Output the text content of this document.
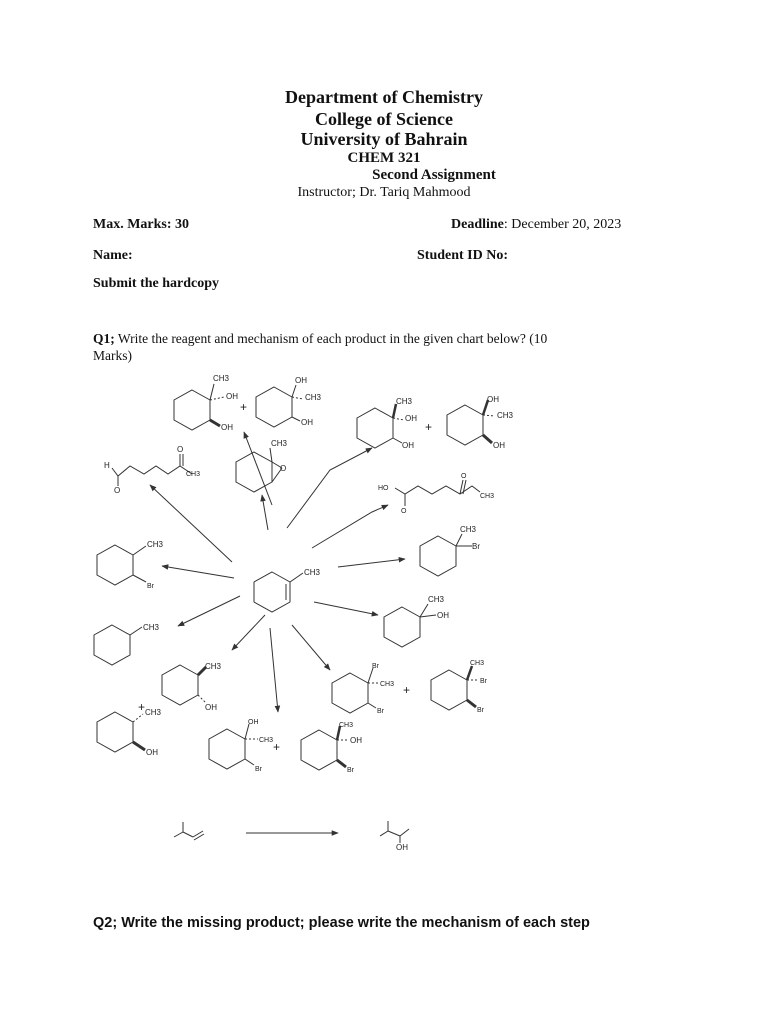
Department of Chemistry
College of Science
University of Bahrain
CHEM 321
Second Assignment
Instructor; Dr. Tariq Mahmood
Max. Marks: 30	Deadline: December 20, 2023
Name:	Student ID No:
Submit the hardcopy
Q1; Write the reagent and mechanism of each product in the given chart below? (10
Marks)
CH3
CH3
OH
OH
+
OH
CH3
OH
CH3
O
H
O
O
CH3
CH3
OH
OH
+
OH
CH3
OH
HO
O
O
CH3
CH3
Br
CH3
OH
CH3
Br
CH3
CH3
OH
+ CH3
OH
Br
CH3
Br
+
CH3
Br
Br
OH
CH3
Br
+
CH3
OH
Br
OH
Q2; Write the missing product; please write the mechanism of each step
